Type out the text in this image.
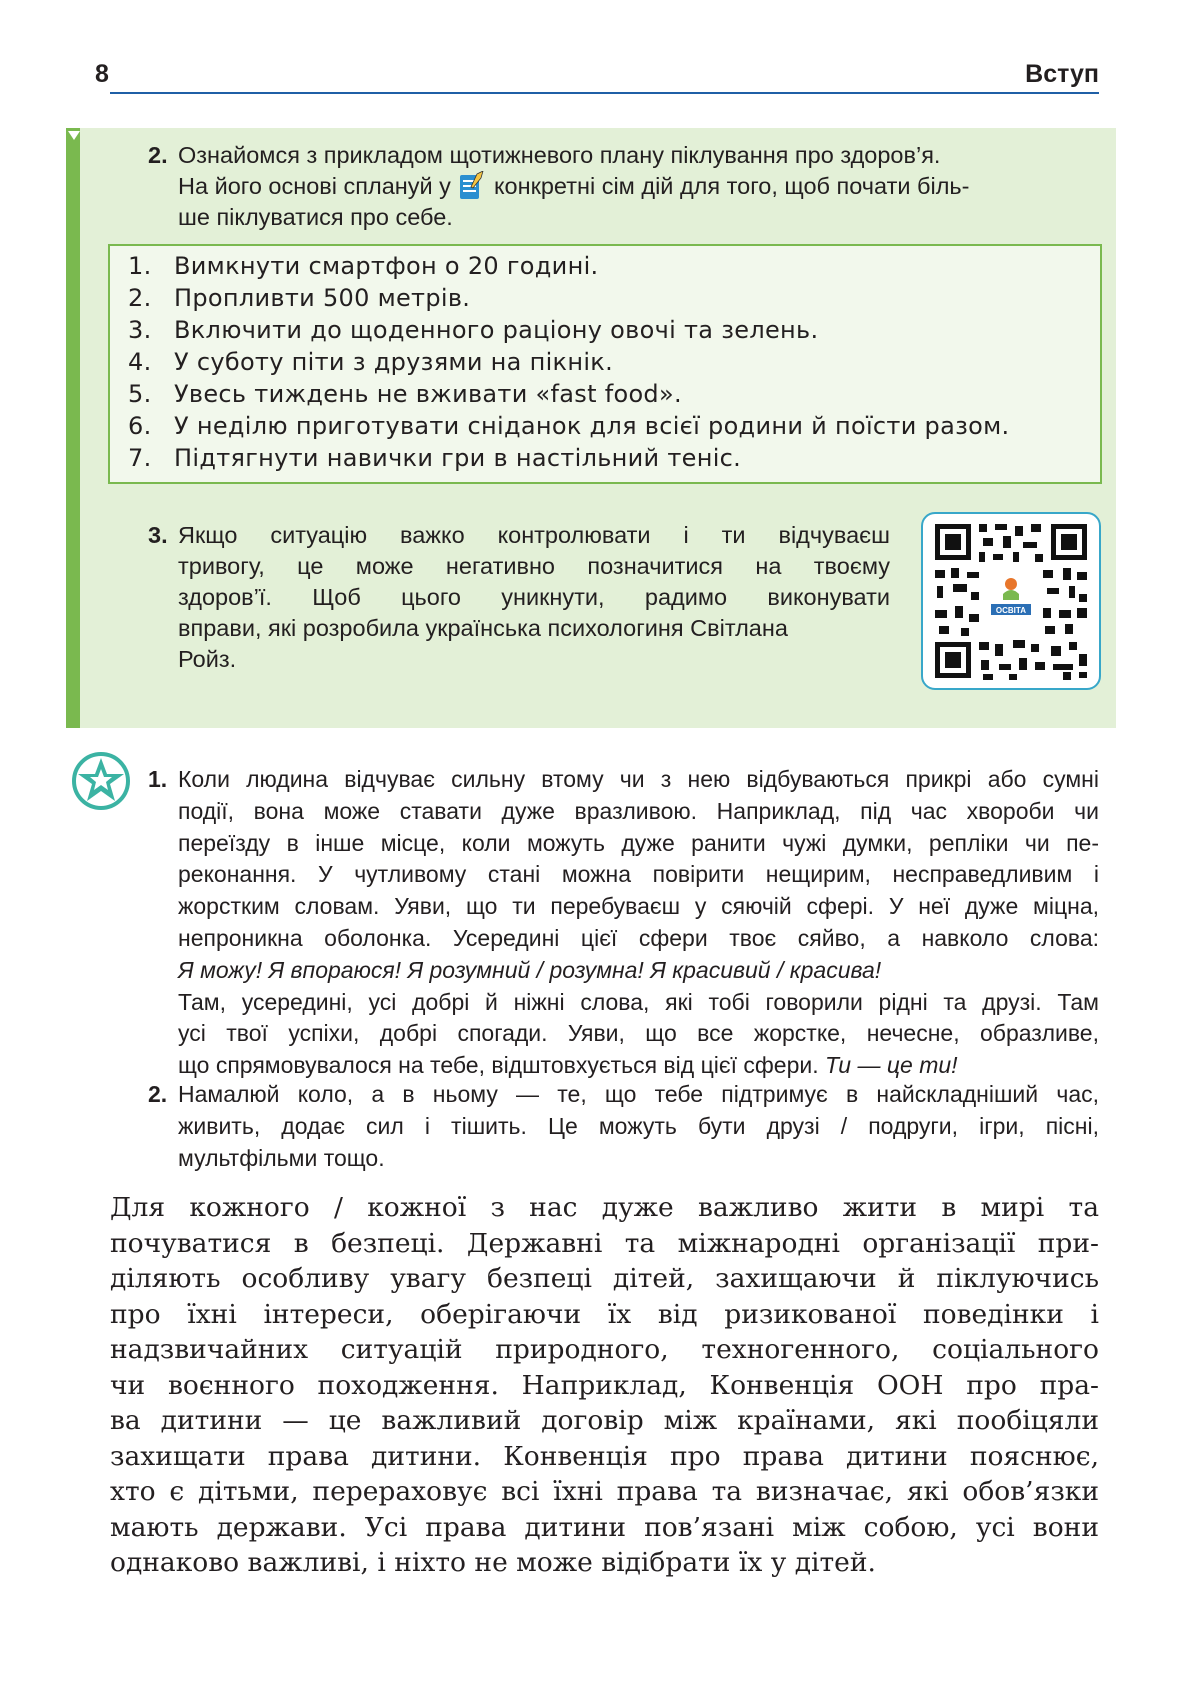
8	Вступ
2. Ознайомся з прикладом щотижневого плану піклування про здоров’я.
На його основі сплануй у конкретні сім дій для того, щоб почати біль-
ше піклуватися про себе.
1. Вимкнути смартфон о 20 годині.
2. Пропливти 500 метрів.
3. Включити до щоденного раціону овочі та зелень.
4. У суботу піти з друзями на пікнік.
5. Увесь тиждень не вживати «fast food».
6. У неділю приготувати сніданок для всієї родини й поїсти разом.
7. Підтягнути навички гри в настільний теніс.
3. Якщо ситуацію важко контролювати і ти відчуваєш
тривогу, це може негативно позначитися на твоєму
здоров’ї. Щоб цього уникнути, радимо виконувати
вправи, які розробила українська психологиня Світлана
Ройз.
ОСВІТА
1. Коли людина відчуває сильну втому чи з нею відбуваються прикрі або сумні
події, вона може ставати дуже вразливою. Наприклад, під час хвороби чи
переїзду в інше місце, коли можуть дуже ранити чужі думки, репліки чи пе-
реконання. У чутливому стані можна повірити нещирим, несправедливим і
жорстким словам. Уяви, що ти перебуваєш у сяючій сфері. У неї дуже міцна,
непроникна оболонка. Усередині цієї сфери твоє сяйво, а навколо слова:
Я можу! Я впораюся! Я розумний / розумна! Я красивий / красива!
Там, усередині, усі добрі й ніжні слова, які тобі говорили рідні та друзі. Там
усі твої успіхи, добрі спогади. Уяви, що все жорстке, нечесне, образливе,
що спрямовувалося на тебе, відштовхується від цієї сфери. Ти — це ти!
2. Намалюй коло, а в ньому — те, що тебе підтримує в найскладніший час,
живить, додає сил і тішить. Це можуть бути друзі / подруги, ігри, пісні,
мультфільми тощо.
Для кожного / кожної з нас дуже важливо жити в мирі та
почуватися в безпеці. Державні та міжнародні організації при-
діляють особливу увагу безпеці дітей, захищаючи й піклуючись
про їхні інтереси, оберігаючи їх від ризикованої поведінки і
надзвичайних ситуацій природного, техногенного, соціального
чи воєнного походження. Наприклад, Конвенція ООН про пра-
ва дитини — це важливий договір між країнами, які пообіцяли
захищати права дитини. Конвенція про права дитини пояснює,
хто є дітьми, перераховує всі їхні права та визначає, які обов’язки
мають держави. Усі права дитини пов’язані між собою, усі вони
однаково важливі, і ніхто не може відібрати їх у дітей.
